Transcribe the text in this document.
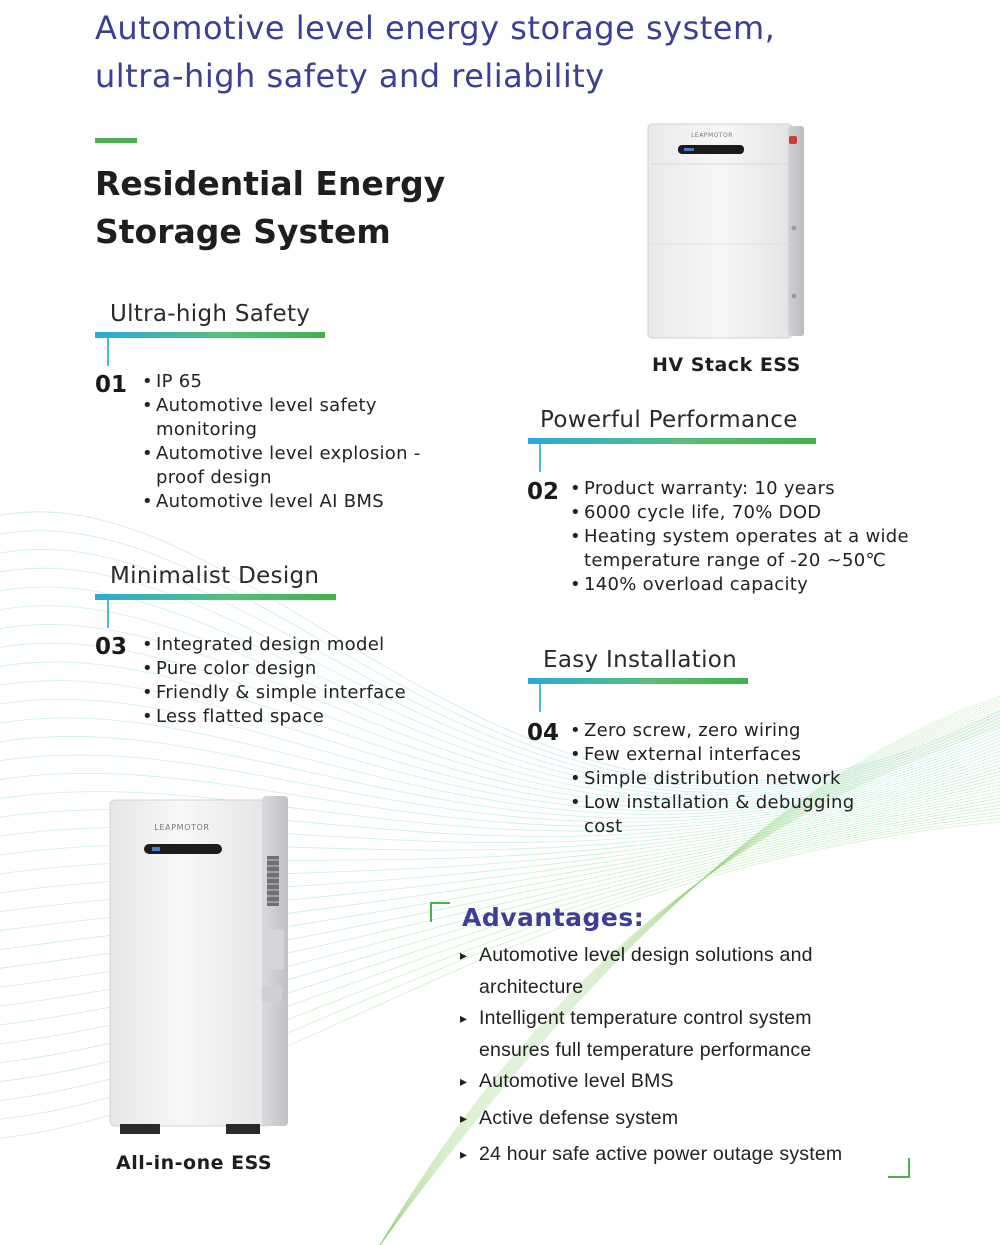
Automotive level energy storage system,
ultra-high safety and reliability
Residential Energy
Storage System
Ultra-high Safety
01	• IP 65
• Automotive level safety monitoring
• Automotive level explosion -proof design
• Automotive level AI BMS
Minimalist Design
03	• Integrated design model
• Pure color design
• Friendly & simple interface
• Less flatted space
LEAPMOTOR
HV Stack ESS
Powerful Performance
02	• Product warranty: 10 years
• 6000 cycle life, 70% DOD
• Heating system operates at a wide temperature range of -20 ~50℃
• 140% overload capacity
Easy Installation
04	• Zero screw, zero wiring
• Few external interfaces
• Simple distribution network
• Low installation & debugging cost
LEAPMOTOR
All-in-one ESS
Advantages:
▸ Automotive level design solutions and architecture
▸ Intelligent temperature control system ensures full temperature performance
▸ Automotive level BMS
▸ Active defense system
▸ 24 hour safe active power outage system
